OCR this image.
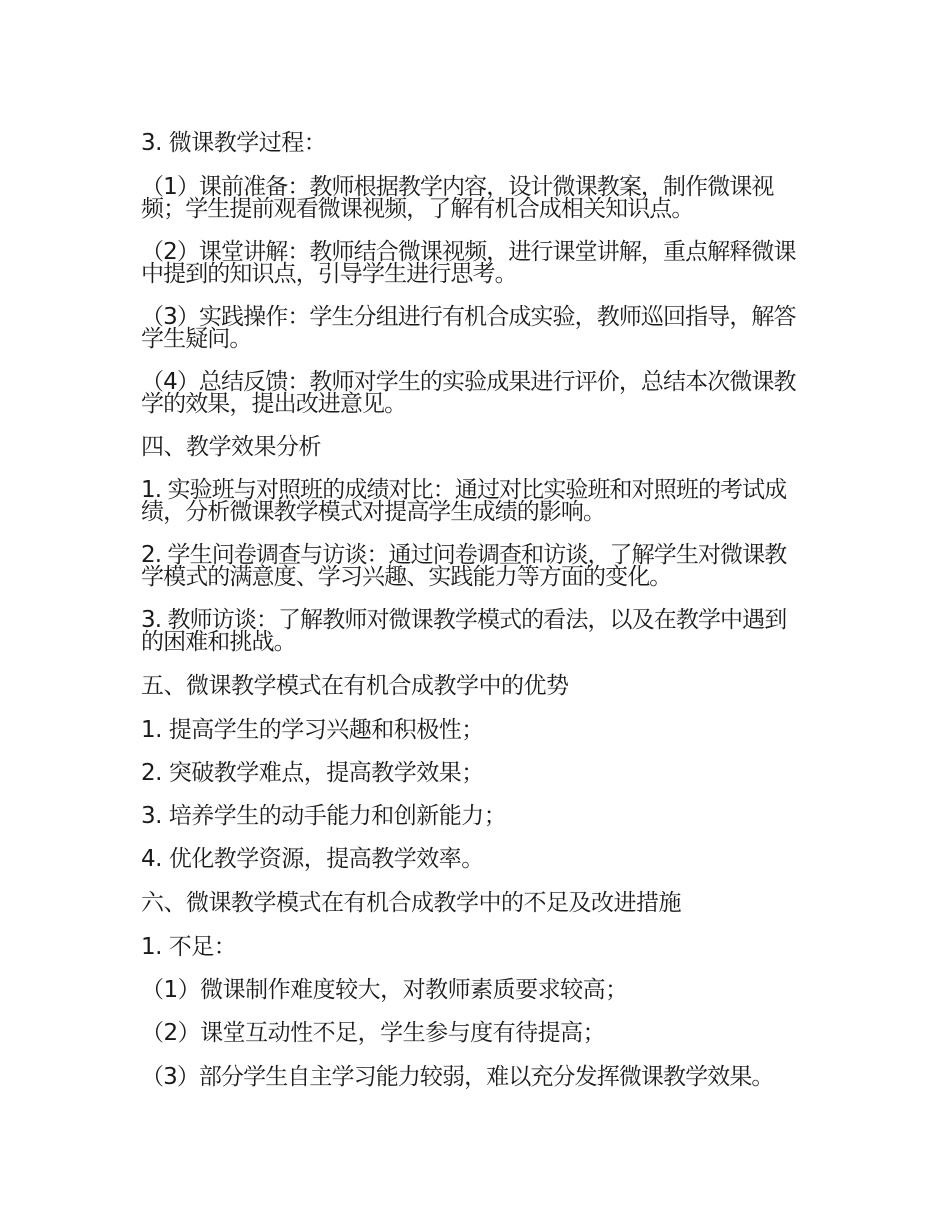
3. 微课教学过程：
（1）课前准备：教师根据教学内容，设计微课教案，制作微课视频；学生提前观看微课视频，了解有机合成相关知识点。
（2）课堂讲解：教师结合微课视频，进行课堂讲解，重点解释微课中提到的知识点，引导学生进行思考。
（3）实践操作：学生分组进行有机合成实验，教师巡回指导，解答学生疑问。
（4）总结反馈：教师对学生的实验成果进行评价，总结本次微课教学的效果，提出改进意见。
四、教学效果分析
1. 实验班与对照班的成绩对比：通过对比实验班和对照班的考试成绩，分析微课教学模式对提高学生成绩的影响。
2. 学生问卷调查与访谈：通过问卷调查和访谈，了解学生对微课教学模式的满意度、学习兴趣、实践能力等方面的变化。
3. 教师访谈：了解教师对微课教学模式的看法，以及在教学中遇到的困难和挑战。
五、微课教学模式在有机合成教学中的优势
1. 提高学生的学习兴趣和积极性；
2. 突破教学难点，提高教学效果；
3. 培养学生的动手能力和创新能力；
4. 优化教学资源，提高教学效率。
六、微课教学模式在有机合成教学中的不足及改进措施
1. 不足：
（1）微课制作难度较大，对教师素质要求较高；
（2）课堂互动性不足，学生参与度有待提高；
（3）部分学生自主学习能力较弱，难以充分发挥微课教学效果。
